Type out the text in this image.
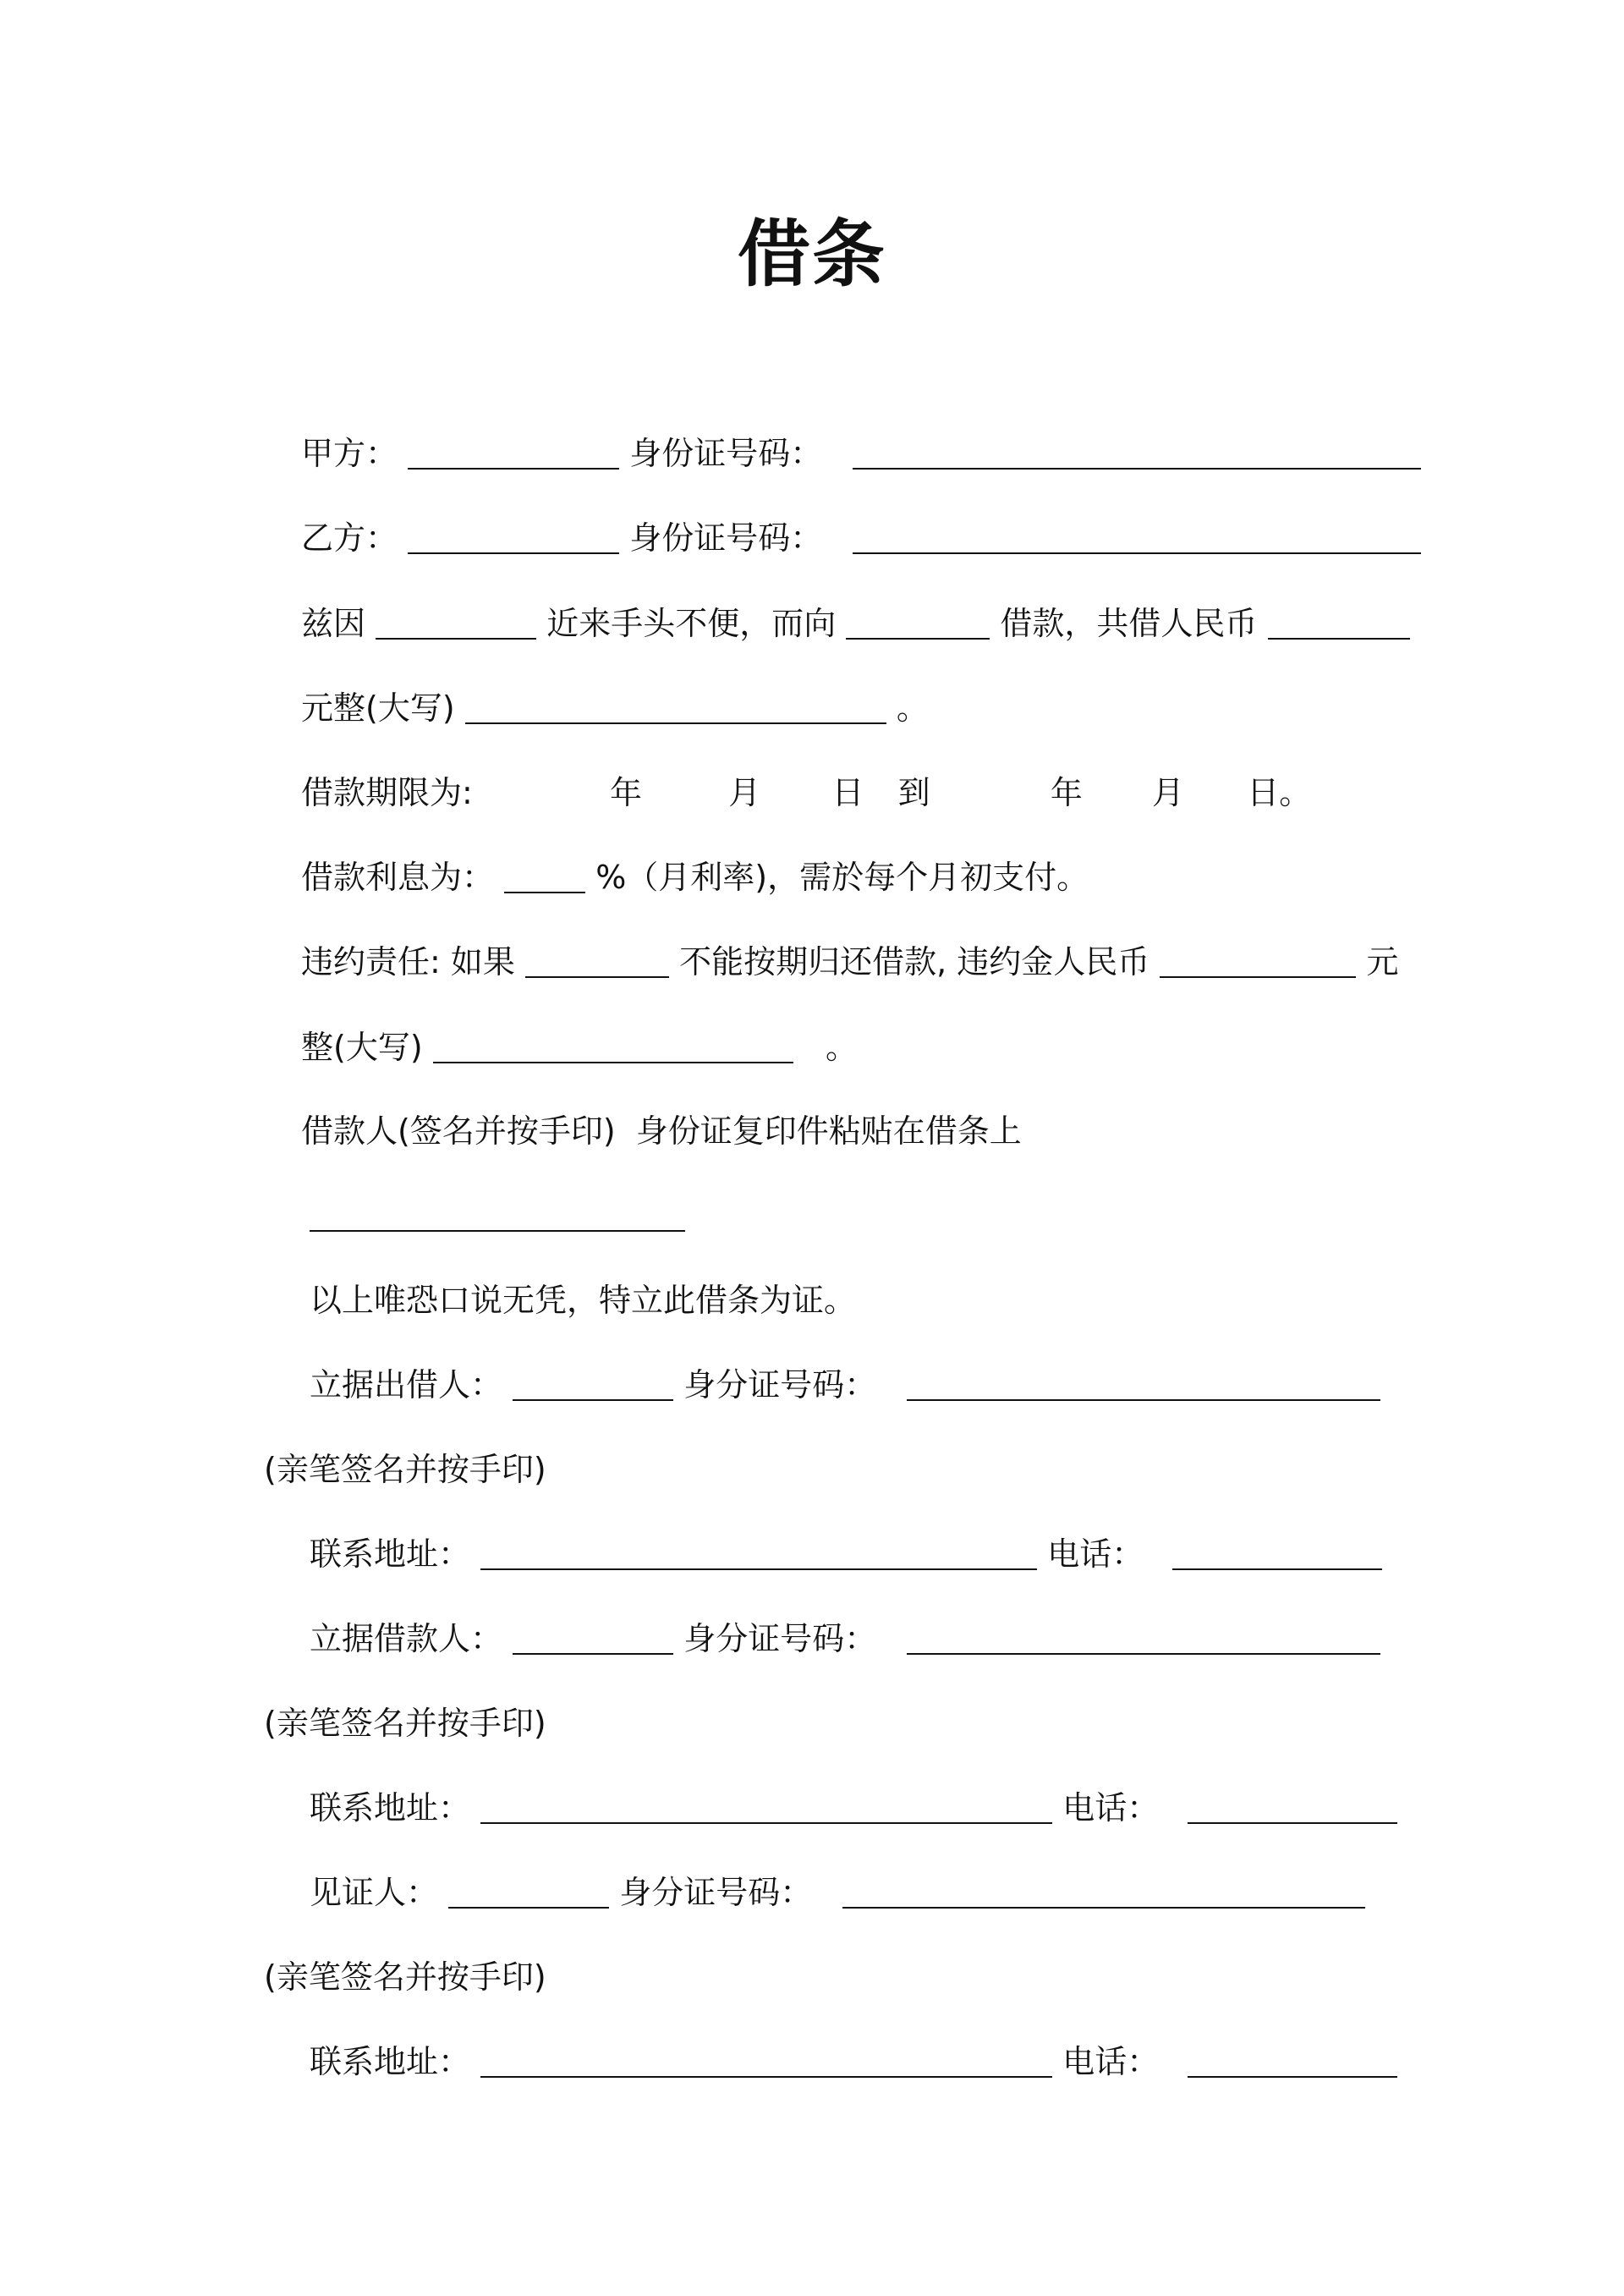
借条
甲方：	身份证号码：
乙方：	身份证号码：
兹因	近来手头不便，而向	借款，共借人民币
元整(大写)	。
借款期限为:	年	月 日 到	年 月 日。
借款利息为：	%（月利率)，需於每个月初支付。
违约责任: 如果	不能按期归还借款, 违约金人民币	元
整(大写)	。
借款人(签名并按手印)  身份证复印件粘贴在借条上
以上唯恐口说无凭，特立此借条为证。
立据出借人：	身分证号码：
(亲笔签名并按手印)
联系地址：	电话：
立据借款人：	身分证号码：
(亲笔签名并按手印)
联系地址：	电话：
见证人：	身分证号码：
(亲笔签名并按手印)
联系地址：	电话：
